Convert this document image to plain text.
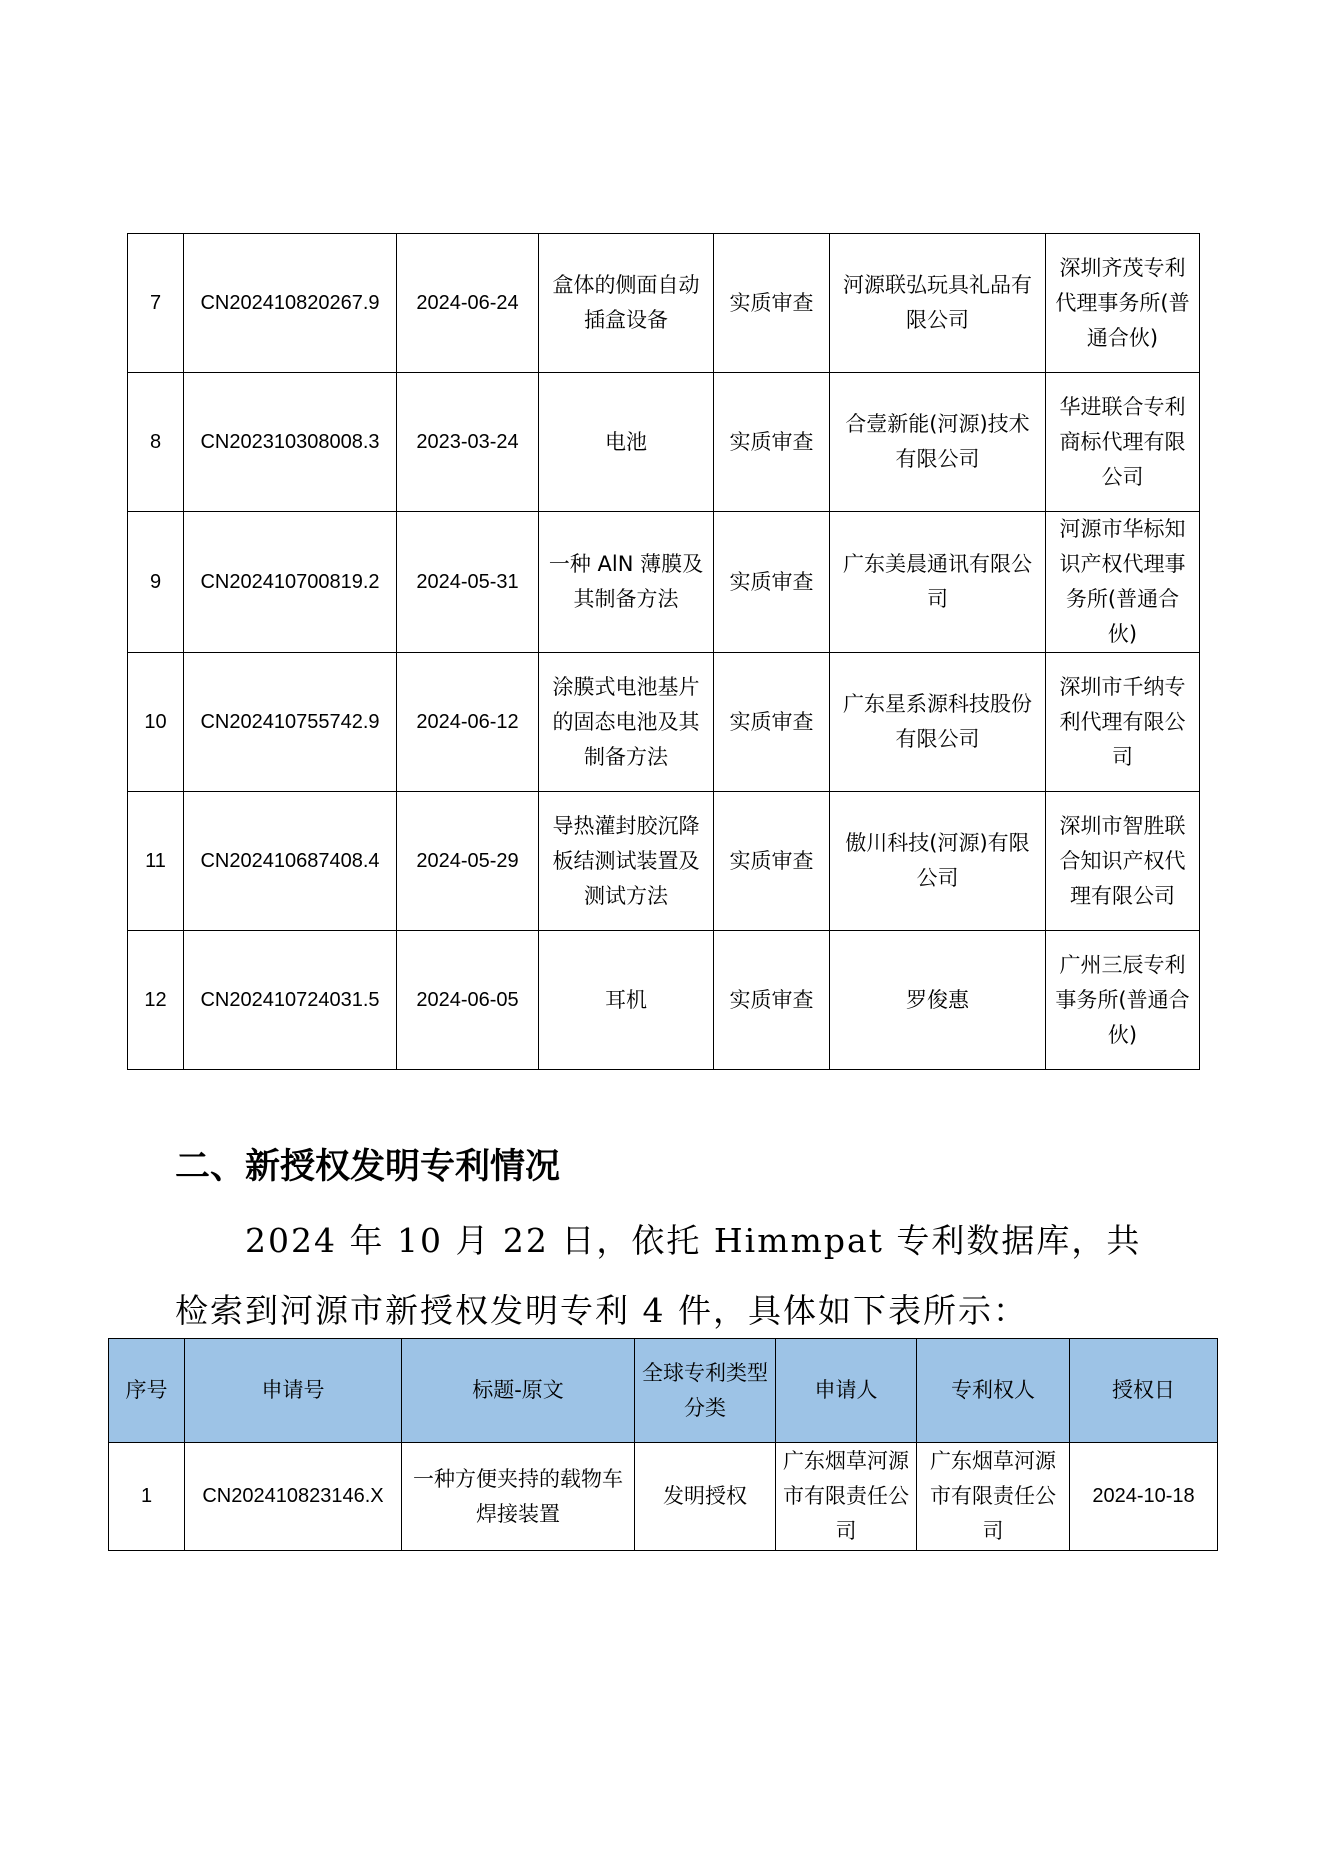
7	CN202410820267.9	2024-06-24	盒体的侧面自动插盒设备	实质审查	河源联弘玩具礼品有限公司	深圳齐茂专利代理事务所(普通合伙)
8	CN202310308008.3	2023-03-24	电池	实质审查	合壹新能(河源)技术有限公司	华进联合专利商标代理有限公司
9	CN202410700819.2	2024-05-31	一种 AlN 薄膜及其制备方法	实质审查	广东美晨通讯有限公司	河源市华标知识产权代理事务所(普通合伙)
10	CN202410755742.9	2024-06-12	涂膜式电池基片的固态电池及其制备方法	实质审查	广东星系源科技股份有限公司	深圳市千纳专利代理有限公司
11	CN202410687408.4	2024-05-29	导热灌封胶沉降板结测试装置及测试方法	实质审查	傲川科技(河源)有限公司	深圳市智胜联合知识产权代理有限公司
12	CN202410724031.5	2024-06-05	耳机	实质审查	罗俊惠	广州三辰专利事务所(普通合伙)
二、新授权发明专利情况

2024 年 10 月 22 日，依托 Himmpat 专利数据库，共检索到河源市新授权发明专利 4 件，具体如下表所示：

序号	申请号	标题-原文	全球专利类型分类	申请人	专利权人	授权日
1	CN202410823146.X	一种方便夹持的载物车焊接装置	发明授权	广东烟草河源市有限责任公司	广东烟草河源市有限责任公司	2024-10-18
